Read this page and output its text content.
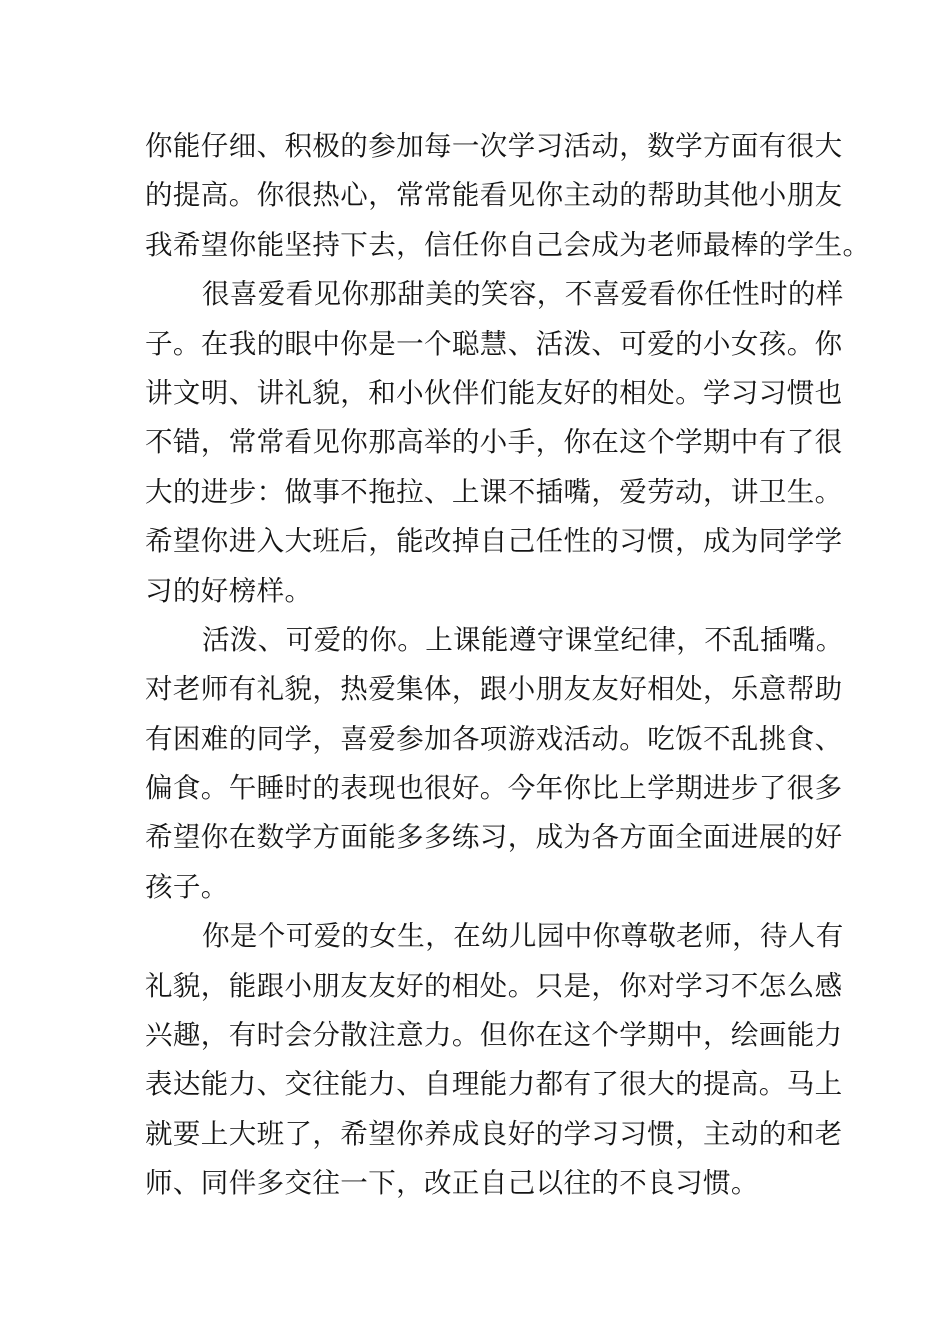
你能仔细、积极的参加每一次学习活动，数学方面有很大
的提高。你很热心，常常能看见你主动的帮助其他小朋友
我希望你能坚持下去，信任你自己会成为老师最棒的学生。
很喜爱看见你那甜美的笑容，不喜爱看你任性时的样
子。在我的眼中你是一个聪慧、活泼、可爱的小女孩。你
讲文明、讲礼貌，和小伙伴们能友好的相处。学习习惯也
不错，常常看见你那高举的小手，你在这个学期中有了很
大的进步：做事不拖拉、上课不插嘴，爱劳动，讲卫生。
希望你进入大班后，能改掉自己任性的习惯，成为同学学
习的好榜样。
活泼、可爱的你。上课能遵守课堂纪律，不乱插嘴。
对老师有礼貌，热爱集体，跟小朋友友好相处，乐意帮助
有困难的同学，喜爱参加各项游戏活动。吃饭不乱挑食、
偏食。午睡时的表现也很好。今年你比上学期进步了很多
希望你在数学方面能多多练习，成为各方面全面进展的好
孩子。
你是个可爱的女生，在幼儿园中你尊敬老师，待人有
礼貌，能跟小朋友友好的相处。只是，你对学习不怎么感
兴趣，有时会分散注意力。但你在这个学期中，绘画能力
表达能力、交往能力、自理能力都有了很大的提高。马上
就要上大班了，希望你养成良好的学习习惯，主动的和老
师、同伴多交往一下，改正自己以往的不良习惯。
